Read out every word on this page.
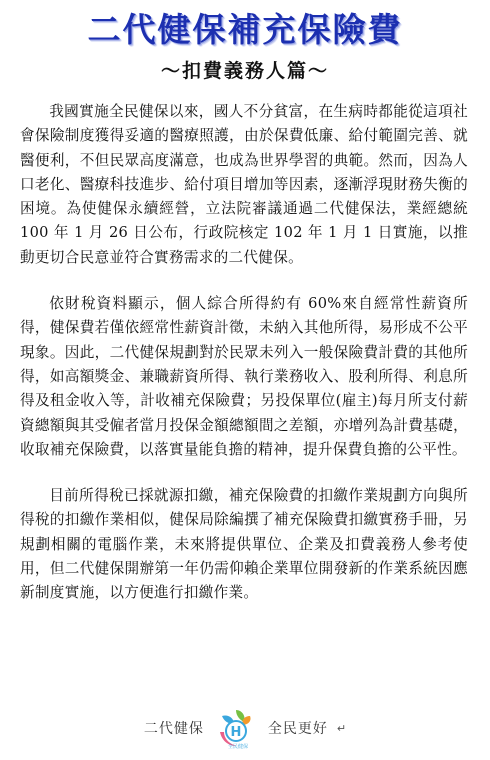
二代健保補充保險費
～扣費義務人篇～

我國實施全民健保以來，國人不分貧富，在生病時都能從這項社會保險制度獲得妥適的醫療照護，由於保費低廉、給付範圍完善、就醫便利，不但民眾高度滿意，也成為世界學習的典範。然而，因為人口老化、醫療科技進步、給付項目增加等因素，逐漸浮現財務失衡的困境。為使健保永續經營，立法院審議通過二代健保法，業經總統 100 年 1 月 26 日公布，行政院核定 102 年 1 月 1 日實施，以推動更切合民意並符合實務需求的二代健保。

依財稅資料顯示，個人綜合所得約有 60%來自經常性薪資所得，健保費若僅依經常性薪資計徵，未納入其他所得，易形成不公平現象。因此，二代健保規劃對於民眾未列入一般保險費計費的其他所得，如高額獎金、兼職薪資所得、執行業務收入、股利所得、利息所得及租金收入等，計收補充保險費；另投保單位(雇主)每月所支付薪資總額與其受僱者當月投保金額總額間之差額，亦增列為計費基礎，收取補充保險費，以落實量能負擔的精神，提升保費負擔的公平性。

目前所得稅已採就源扣繳，補充保險費的扣繳作業規劃方向與所得稅的扣繳作業相似，健保局除編撰了補充保險費扣繳實務手冊，另規劃相關的電腦作業，未來將提供單位、企業及扣費義務人參考使用，但二代健保開辦第一年仍需仰賴企業單位開發新的作業系統因應新制度實施，以方便進行扣繳作業。

二代健保 H
全民健保
全民更好 ↵
